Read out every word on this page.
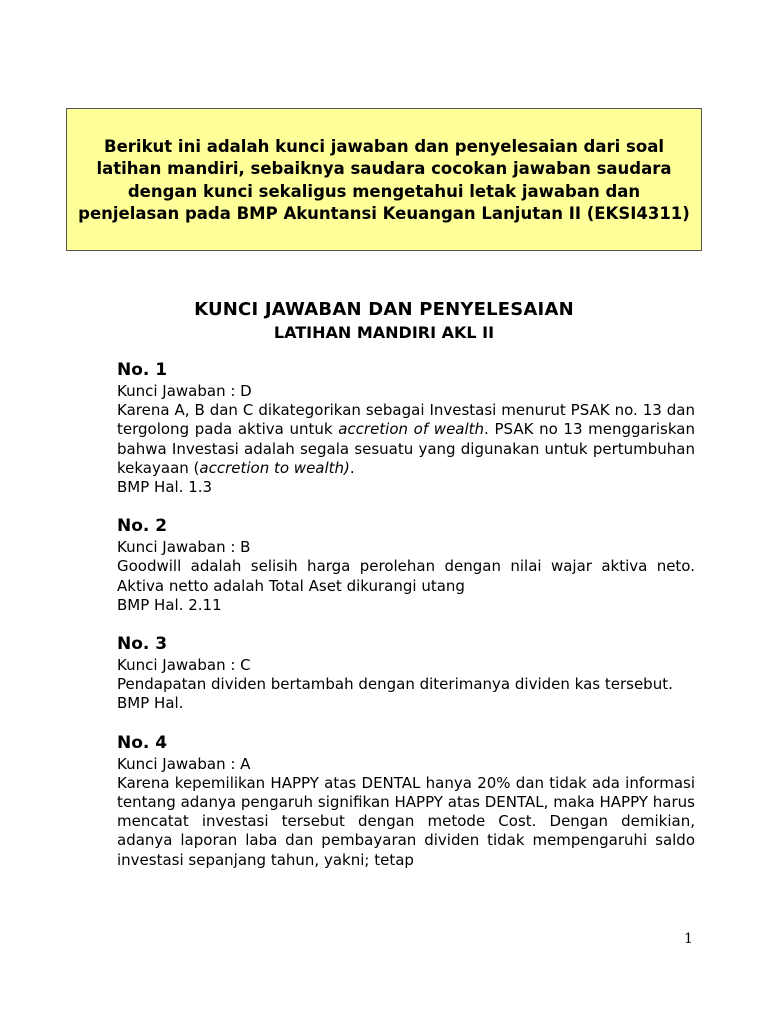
Berikut ini adalah kunci jawaban dan penyelesaian dari soal latihan mandiri, sebaiknya saudara cocokan jawaban saudara dengan kunci sekaligus mengetahui letak jawaban dan penjelasan pada BMP Akuntansi Keuangan Lanjutan II (EKSI4311)

KUNCI JAWABAN DAN PENYELESAIAN
LATIHAN MANDIRI AKL II
No. 1
Kunci Jawaban : D
Karena A, B dan C dikategorikan sebagai Investasi menurut PSAK no. 13 dan tergolong pada aktiva untuk accretion of wealth. PSAK no 13 menggariskan bahwa Investasi adalah segala sesuatu yang digunakan untuk pertumbuhan kekayaan (accretion to wealth).
BMP Hal. 1.3
No. 2
Kunci Jawaban : B
Goodwill adalah selisih harga perolehan dengan nilai wajar aktiva neto. Aktiva netto adalah Total Aset dikurangi utang
BMP Hal. 2.11
No. 3
Kunci Jawaban : C
Pendapatan dividen bertambah dengan diterimanya dividen kas tersebut.
BMP Hal.
No. 4
Kunci Jawaban : A
Karena kepemilikan HAPPY atas DENTAL hanya 20% dan tidak ada informasi tentang adanya pengaruh signifikan HAPPY atas DENTAL, maka HAPPY harus mencatat investasi tersebut dengan metode Cost. Dengan demikian, adanya laporan laba dan pembayaran dividen tidak mempengaruhi saldo investasi sepanjang tahun, yakni; tetap
1
